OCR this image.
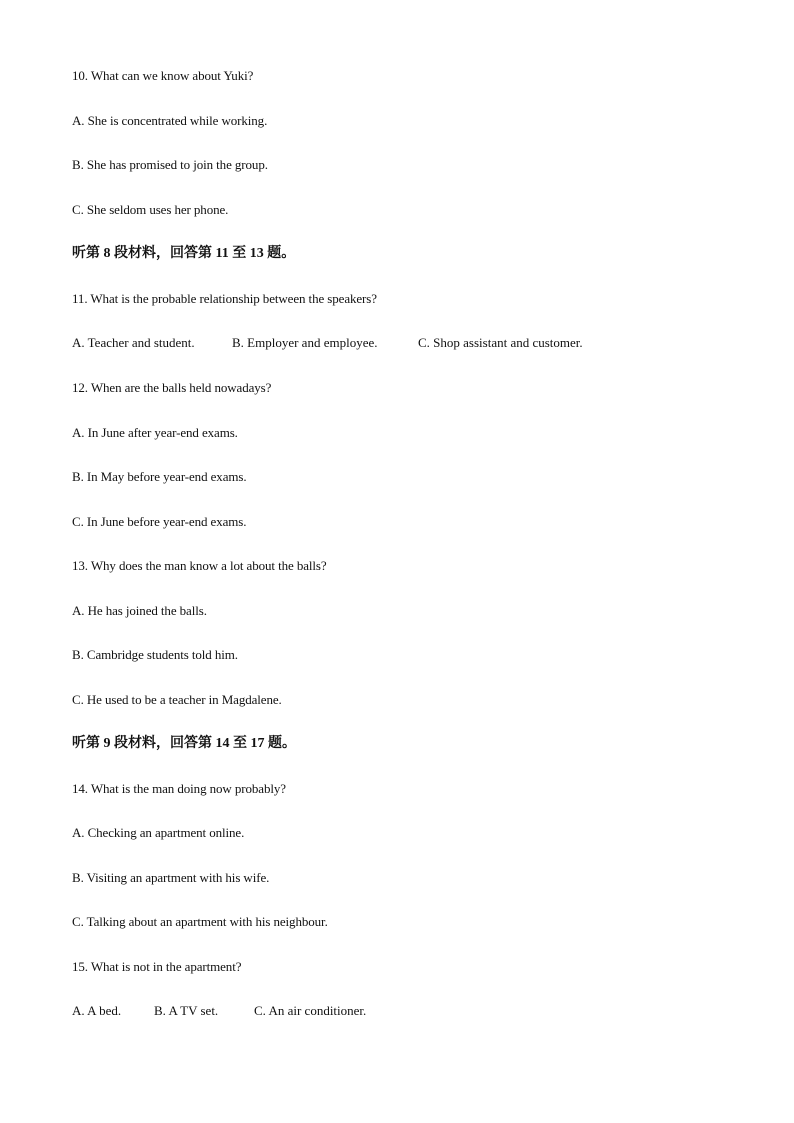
10. What can we know about Yuki?
A. She is concentrated while working.
B. She has promised to join the group.
C. She seldom uses her phone.
听第 8 段材料，回答第 11 至 13 题。
11. What is the probable relationship between the speakers?
A. Teacher and student.	B. Employer and employee.	C. Shop assistant and customer.
12. When are the balls held nowadays?
A. In June after year-end exams.
B. In May before year-end exams.
C. In June before year-end exams.
13. Why does the man know a lot about the balls?
A. He has joined the balls.
B. Cambridge students told him.
C. He used to be a teacher in Magdalene.
听第 9 段材料，回答第 14 至 17 题。
14. What is the man doing now probably?
A. Checking an apartment online.
B. Visiting an apartment with his wife.
C. Talking about an apartment with his neighbour.
15. What is not in the apartment?
A. A bed.	B. A TV set.	C. An air conditioner.
